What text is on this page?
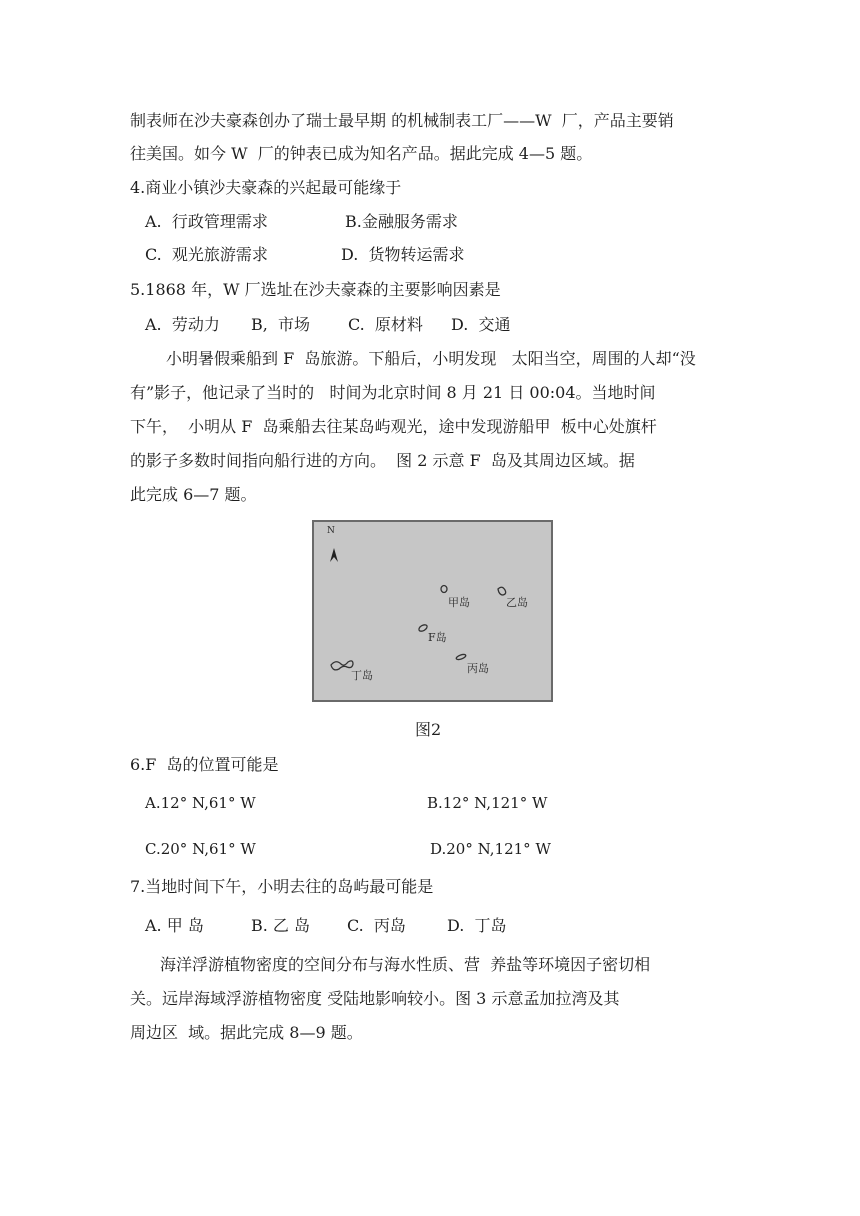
制表师在沙夫豪森创办了瑞士最早期 的机械制表工厂——W  厂，产品主要销
往美国。如今 W  厂的钟表已成为知名产品。据此完成 4—5 题。
4.商业小镇沙夫豪森的兴起最可能缘于
A.  行政管理需求	B.金融服务需求
C.  观光旅游需求	D.  货物转运需求
5.1868 年，W 厂选址在沙夫豪森的主要影响因素是
A.  劳动力 B,  市场 C.  原材料 D.  交通
小明暑假乘船到 F  岛旅游。下船后，小明发现   太阳当空，周围的人却“没
有”影子，他记录了当时的   时间为北京时间 8 月 21 日 00:04。当地时间
下午，  小明从 F  岛乘船去往某岛屿观光，途中发现游船甲  板中心处旗杆
的影子多数时间指向船行进的方向。  图 2 示意 F  岛及其周边区域。据
此完成 6—7 题。
N
甲岛	乙岛
F岛
丙岛
丁岛
图2
6.F  岛的位置可能是
A.12° N,61° W	B.12° N,121° W
C.20° N,61° W	D.20° N,121° W
7.当地时间下午，小明去往的岛屿最可能是
A. 甲 岛	B. 乙 岛 C.  丙岛	D.  丁岛
海洋浮游植物密度的空间分布与海水性质、营  养盐等环境因子密切相
关。远岸海域浮游植物密度 受陆地影响较小。图 3 示意孟加拉湾及其
周边区  域。据此完成 8—9 题。
